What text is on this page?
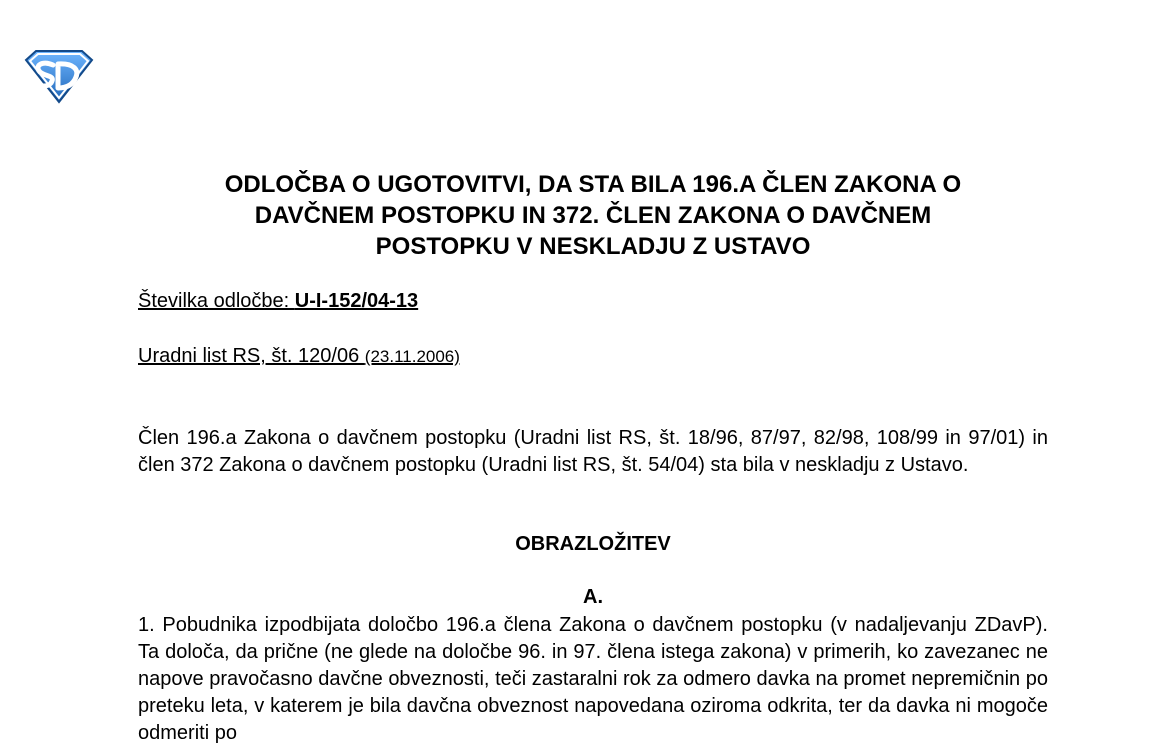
ODLOČBA O UGOTOVITVI, DA STA BILA 196.A ČLEN ZAKONA O
DAVČNEM POSTOPKU IN 372. ČLEN ZAKONA O DAVČNEM
POSTOPKU V NESKLADJU Z USTAVO
Številka odločbe: U-I-152/04-13
Uradni list RS, št. 120/06 (23.11.2006)

Člen 196.a Zakona o davčnem postopku (Uradni list RS, št. 18/96, 87/97, 82/98, 108/99 in 97/01) in člen 372 Zakona o davčnem postopku (Uradni list RS, št. 54/04) sta bila v neskladju z Ustavo.

OBRAZLOŽITEV
A.

1. Pobudnika izpodbijata določbo 196.a člena Zakona o davčnem postopku (v nadaljevanju ZDavP). Ta določa, da prične (ne glede na določbe 96. in 97. člena istega zakona) v primerih, ko zavezanec ne napove pravočasno davčne obveznosti, teči zastaralni rok za odmero davka na promet nepremičnin po preteku leta, v katerem je bila davčna obveznost napovedana oziroma odkrita, ter da davka ni mogoče odmeriti po
